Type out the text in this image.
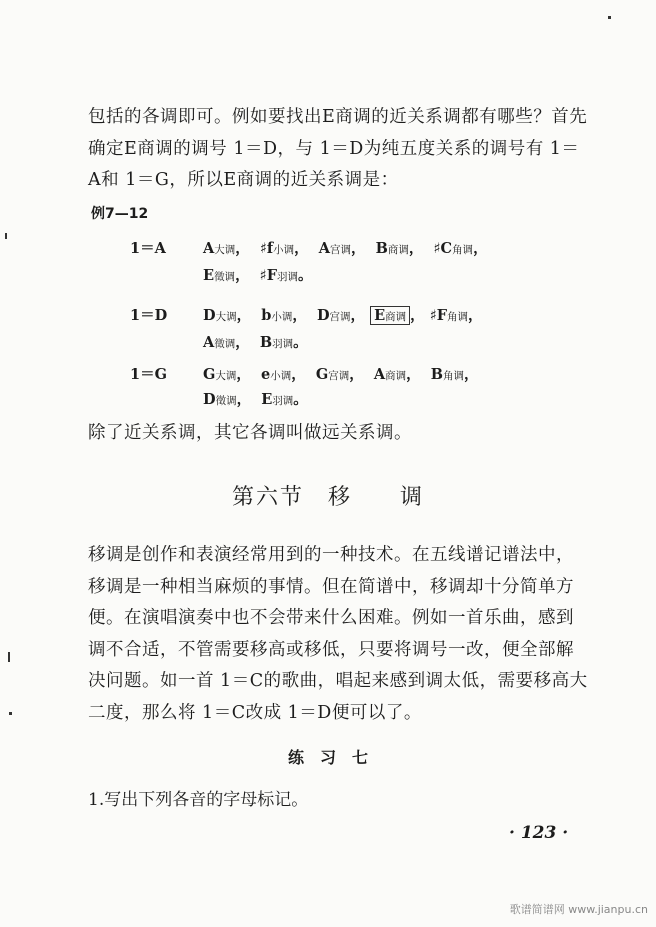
包括的各调即可。例如要找出E商调的近关系调都有哪些？首先确定E商调的调号 1＝D，与 1＝D为纯五度关系的调号有 1＝A和 1＝G，所以E商调的近关系调是：

例7—12
1＝A	A大调，  ♯f小调，  A宫调，  B商调，  ♯C角调，
E徵调，  ♯F羽调。
1＝D D大调，  b小调，  D宫调， E商调 ， ♯F角调，
A徵调，  B羽调。
1＝G G大调，  e小调，  G宫调，  A商调，  B角调，
D徵调，  E羽调。

除了近关系调，其它各调叫做远关系调。

第六节　移　　调

移调是创作和表演经常用到的一种技术。在五线谱记谱法中，移调是一种相当麻烦的事情。但在简谱中，移调却十分简单方便。在演唱演奏中也不会带来什么困难。例如一首乐曲，感到调不合适，不管需要移高或移低，只要将调号一改，便全部解决问题。如一首 1＝C的歌曲，唱起来感到调太低，需要移高大二度，那么将 1＝C改成 1＝D便可以了。

练　习　七
1.写出下列各音的字母标记。
· 123 ·
歌谱简谱网 www.jianpu.cn
